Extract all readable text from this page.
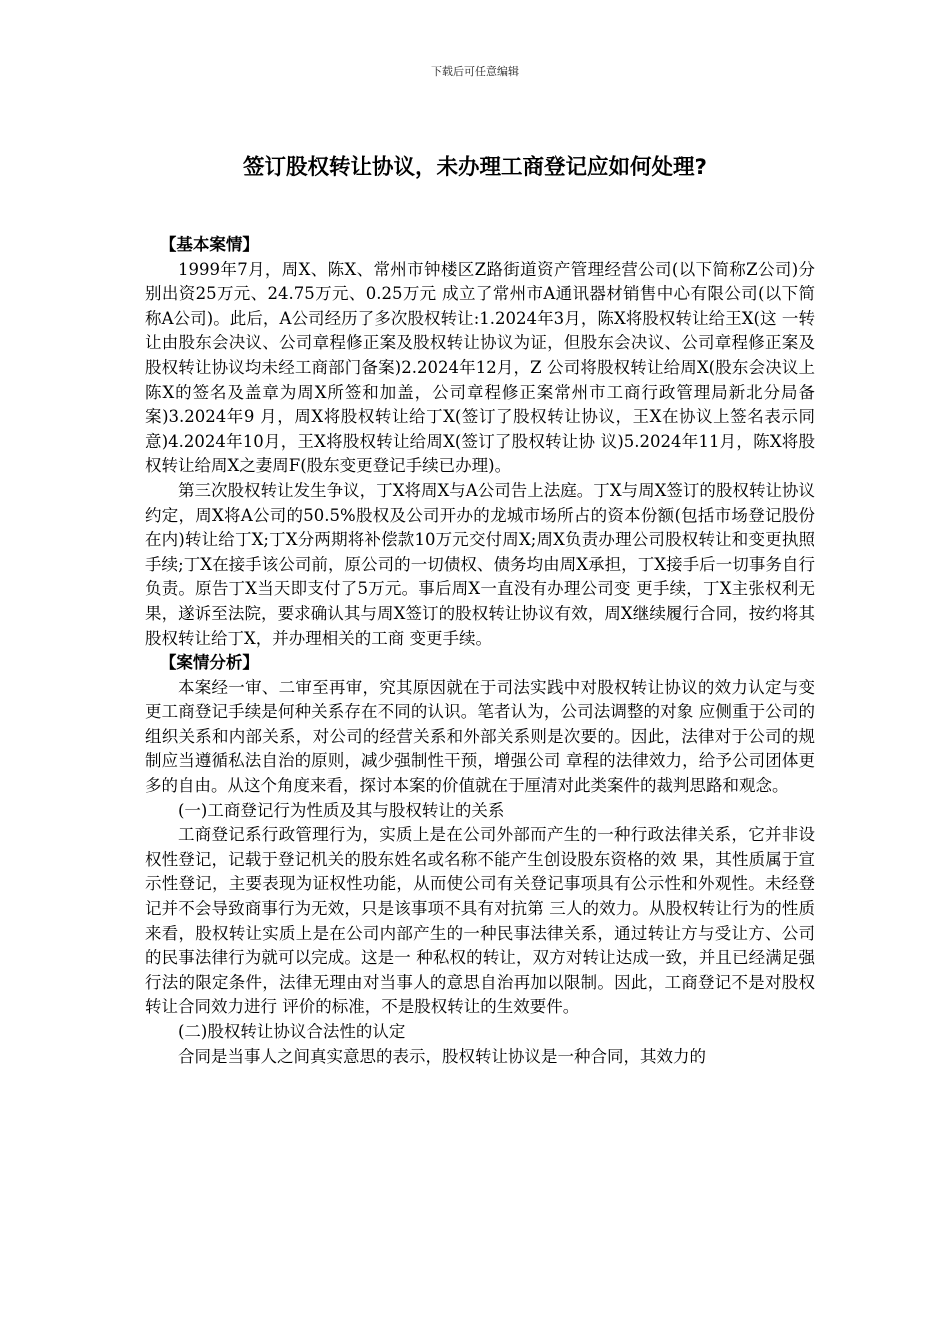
下载后可任意编辑
签订股权转让协议，未办理工商登记应如何处理?

【基本案情】

1999年7月，周X、陈X、常州市钟楼区Z路街道资产管理经营公司(以下简称Z公司)分别出资25万元、24.75万元、0.25万元 成立了常州市A通讯器材销售中心有限公司(以下简称A公司)。此后，A公司经历了多次股权转让:1.2024年3月，陈X将股权转让给王X(这 一转让由股东会决议、公司章程修正案及股权转让协议为证，但股东会决议、公司章程修正案及股权转让协议均未经工商部门备案)2.2024年12月，Z 公司将股权转让给周X(股东会决议上陈X的签名及盖章为周X所签和加盖，公司章程修正案常州市工商行政管理局新北分局备案)3.2024年9 月，周X将股权转让给丁X(签订了股权转让协议，王X在协议上签名表示同意)4.2024年10月，王X将股权转让给周X(签订了股权转让协 议)5.2024年11月，陈X将股权转让给周X之妻周F(股东变更登记手续已办理)。

第三次股权转让发生争议，丁X将周X与A公司告上法庭。丁X与周X签订的股权转让协议约定，周X将A公司的50.5%股权及公司开办的龙城市场所占的资本份额(包括市场登记股份在内)转让给丁X;丁X分两期将补偿款10万元交付周X;周X负责办理公司股权转让和变更执照手续;丁X在接手该公司前，原公司的一切债权、债务均由周X承担，丁X接手后一切事务自行负责。原告丁X当天即支付了5万元。事后周X一直没有办理公司变 更手续，丁X主张权利无果，遂诉至法院，要求确认其与周X签订的股权转让协议有效，周X继续履行合同，按约将其股权转让给丁X，并办理相关的工商 变更手续。

【案情分析】

本案经一审、二审至再审，究其原因就在于司法实践中对股权转让协议的效力认定与变更工商登记手续是何种关系存在不同的认识。笔者认为，公司法调整的对象 应侧重于公司的组织关系和内部关系，对公司的经营关系和外部关系则是次要的。因此，法律对于公司的规制应当遵循私法自治的原则，减少强制性干预，增强公司 章程的法律效力，给予公司团体更多的自由。从这个角度来看，探讨本案的价值就在于厘清对此类案件的裁判思路和观念。

(一)工商登记行为性质及其与股权转让的关系

工商登记系行政管理行为，实质上是在公司外部而产生的一种行政法律关系，它并非设权性登记，记载于登记机关的股东姓名或名称不能产生创设股东资格的效 果，其性质属于宣示性登记，主要表现为证权性功能，从而使公司有关登记事项具有公示性和外观性。未经登记并不会导致商事行为无效，只是该事项不具有对抗第 三人的效力。从股权转让行为的性质来看，股权转让实质上是在公司内部产生的一种民事法律关系，通过转让方与受让方、公司的民事法律行为就可以完成。这是一 种私权的转让，双方对转让达成一致，并且已经满足强行法的限定条件，法律无理由对当事人的意思自治再加以限制。因此，工商登记不是对股权转让合同效力进行 评价的标准，不是股权转让的生效要件。

(二)股权转让协议合法性的认定

合同是当事人之间真实意思的表示，股权转让协议是一种合同，其效力的
